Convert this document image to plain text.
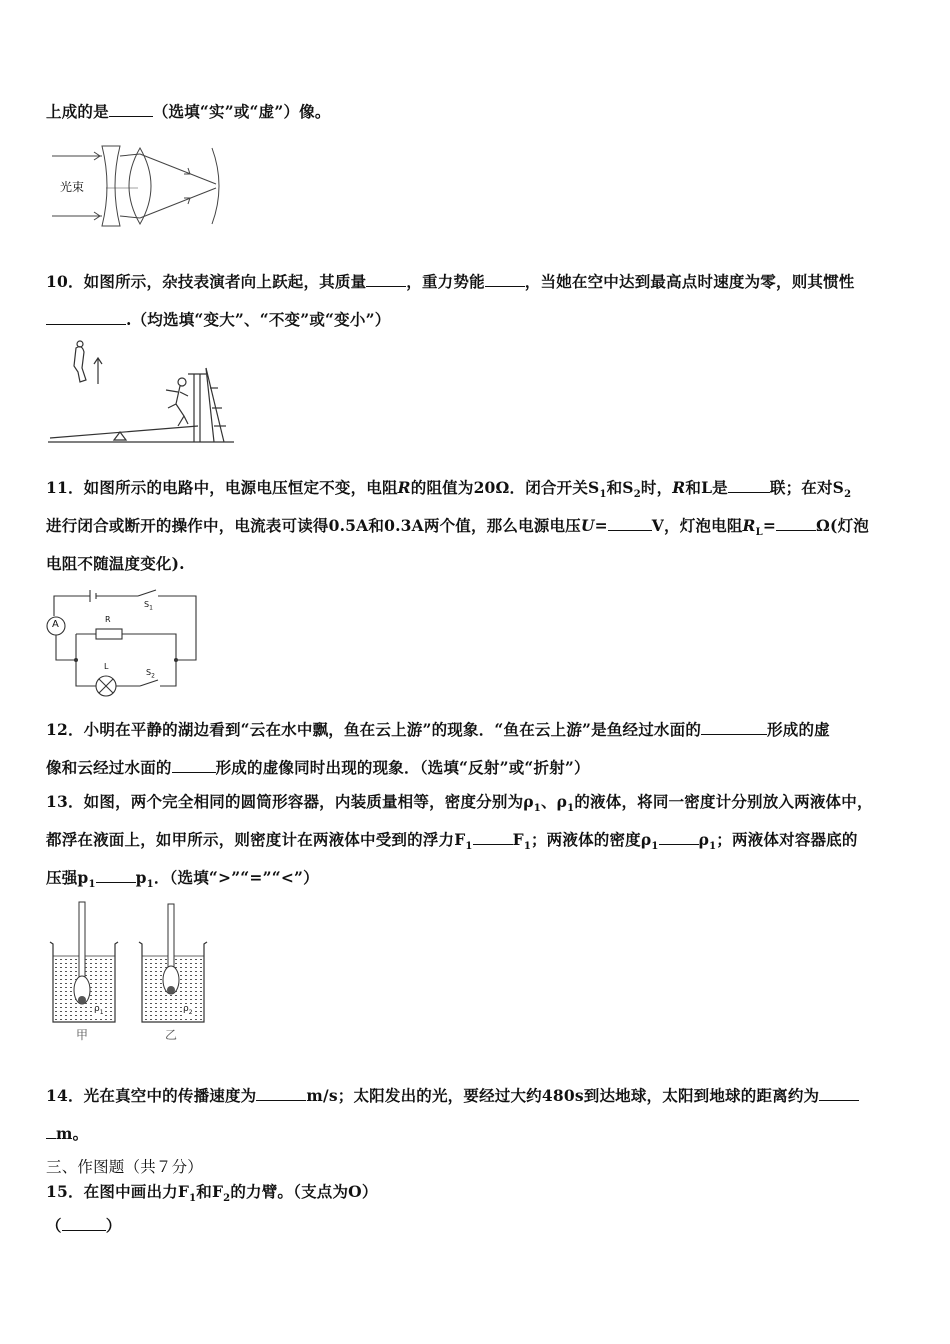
上成的是	（选填“实”或“虚”）像。
光束
10．如图所示，杂技表演者向上跃起，其质量	，重力势能	，当她在空中达到最高点时速度为零，则其惯性
.（均选填“变大”、“不变”或“变小”）
11．如图所示的电路中，电源电压恒定不变，电阻R的阻值为20Ω．闭合开关$S_1$和$S_2$时，R和L是	联；在对$S_2$
进行闭合或断开的操作中，电流表可读得0.5A和0.3A两个值，那么电源电压U=	V，灯泡电阻$R_L=$	Ω(灯泡
电阻不随温度变化).
A	R
L
$S_1$
$S_2$
12．小明在平静的湖边看到“云在水中飘，鱼在云上游”的现象．“鱼在云上游”是鱼经过水面的	形成的虚
像和云经过水面的	形成的虚像同时出现的现象．（选填“反射”或“折射”）
13．如图，两个完全相同的圆筒形容器，内装质量相等，密度分别为$\rho_1$、$\rho_1$的液体，将同一密度计分别放入两液体中，
都浮在液面上，如甲所示，则密度计在两液体中受到的浮力$F_1$	$F_1$；两液体的密度$\rho_1$	$\rho_1$；两液体对容器底的
压强$p_1$	$p_1$．（选填“>”“=”“<”）
$\rho_1$	$\rho_2$
甲	乙
14．光在真空中的传播速度为	m/s；太阳发出的光，要经过大约480s到达地球，太阳到地球的距离约为
m。
三、作图题（共７分）
15．在图中画出力$F_1$和$F_2$的力臂。（支点为O）
（	）
